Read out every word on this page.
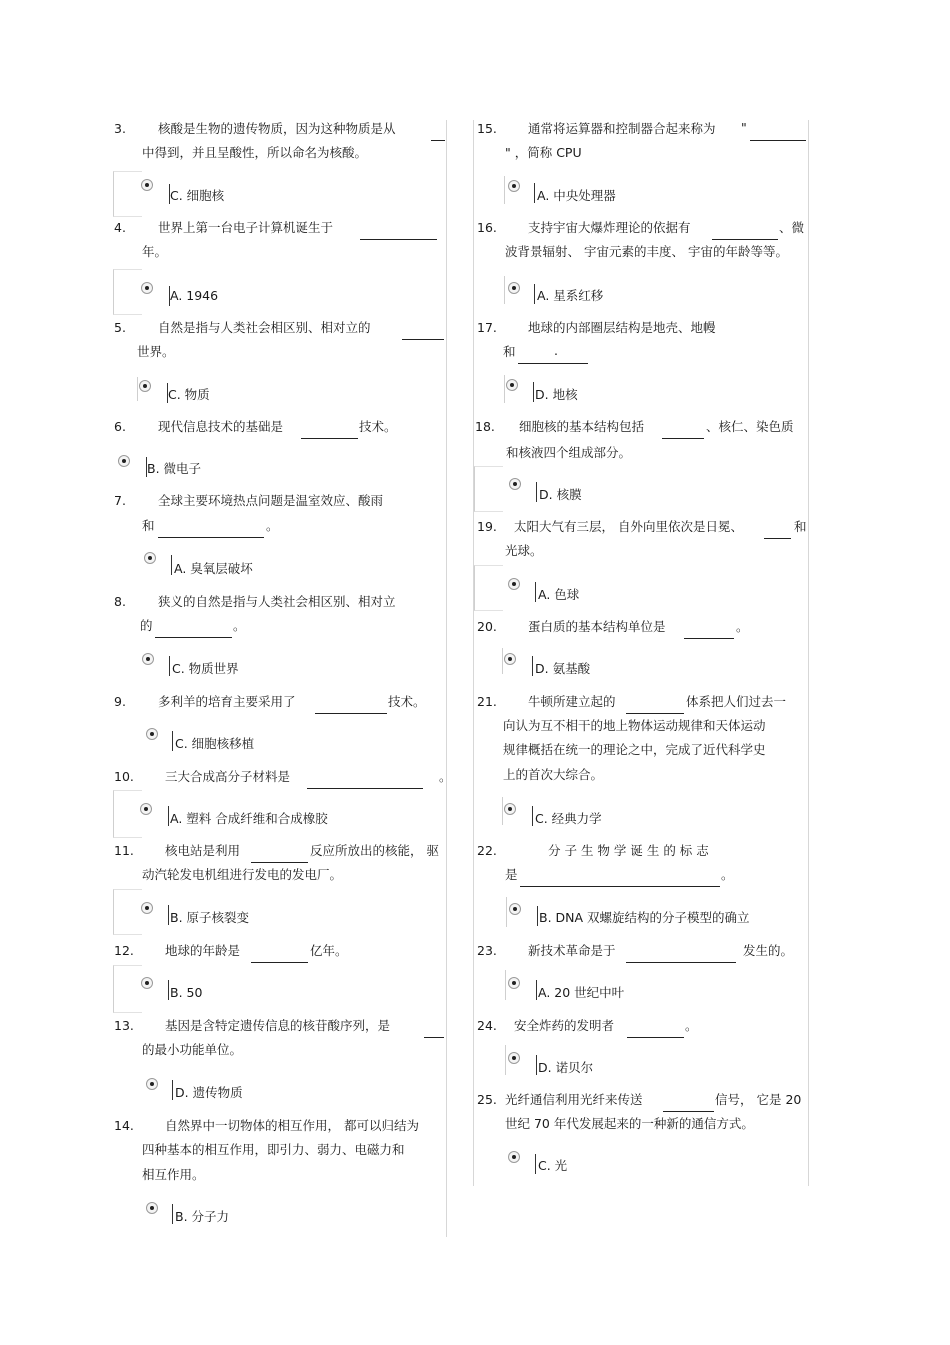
3.	核酸是生物的遗传物质，因为这种物质是从
中得到，并且呈酸性，所以命名为核酸。
C. 细胞核
4.	世界上第一台电子计算机诞生于
年。
A. 1946
5.	自然是指与人类社会相区别、相对立的
世界。
C. 物质
6.	现代信息技术的基础是	技术。
B. 微电子
7.	全球主要环境热点问题是温室效应、酸雨
和	。
A. 臭氧层破坏
8.	狭义的自然是指与人类社会相区别、相对立
的	。
C. 物质世界
9.	多利羊的培育主要采用了	技术。
C. 细胞核移植
10. 三大合成高分子材料是	。
A. 塑料 合成纤维和合成橡胶
11. 核电站是利用	反应所放出的核能， 驱
动汽轮发电机组进行发电的发电厂。
B. 原子核裂变
12. 地球的年龄是	亿年。
B. 50
13. 基因是含特定遗传信息的核苷酸序列，是
的最小功能单位。
D. 遗传物质
14. 自然界中一切物体的相互作用， 都可以归结为
四种基本的相互作用，即引力、弱力、电磁力和
相互作用。
B. 分子力
15. 通常将运算器和控制器合起来称为 "
" ，简称 CPU
A. 中央处理器
16. 支持宇宙大爆炸理论的依据有	、微
波背景辐射、 宇宙元素的丰度、 宇宙的年龄等等。
A. 星系红移
17. 地球的内部圈层结构是地壳、地幔
和	.
D. 地核
18. 细胞核的基本结构包括	、核仁、染色质
和核液四个组成部分。
D. 核膜
19. 太阳大气有三层， 自外向里依次是日冕、	和
光球。
A. 色球
20. 蛋白质的基本结构单位是	。
D. 氨基酸
21. 牛顿所建立起的	体系把人们过去一
向认为互不相干的地上物体运动规律和天体运动
规律概括在统一的理论之中，完成了近代科学史
上的首次大综合。
C. 经典力学
22.	分 子 生 物 学 诞 生 的 标 志
是	。
B. DNA 双螺旋结构的分子模型的确立
23. 新技术革命是于	发生的。
A. 20 世纪中叶
24. 安全炸药的发明者	。
D. 诺贝尔
25. 光纤通信利用光纤来传送	信号， 它是 20
世纪 70 年代发展起来的一种新的通信方式。
C. 光
